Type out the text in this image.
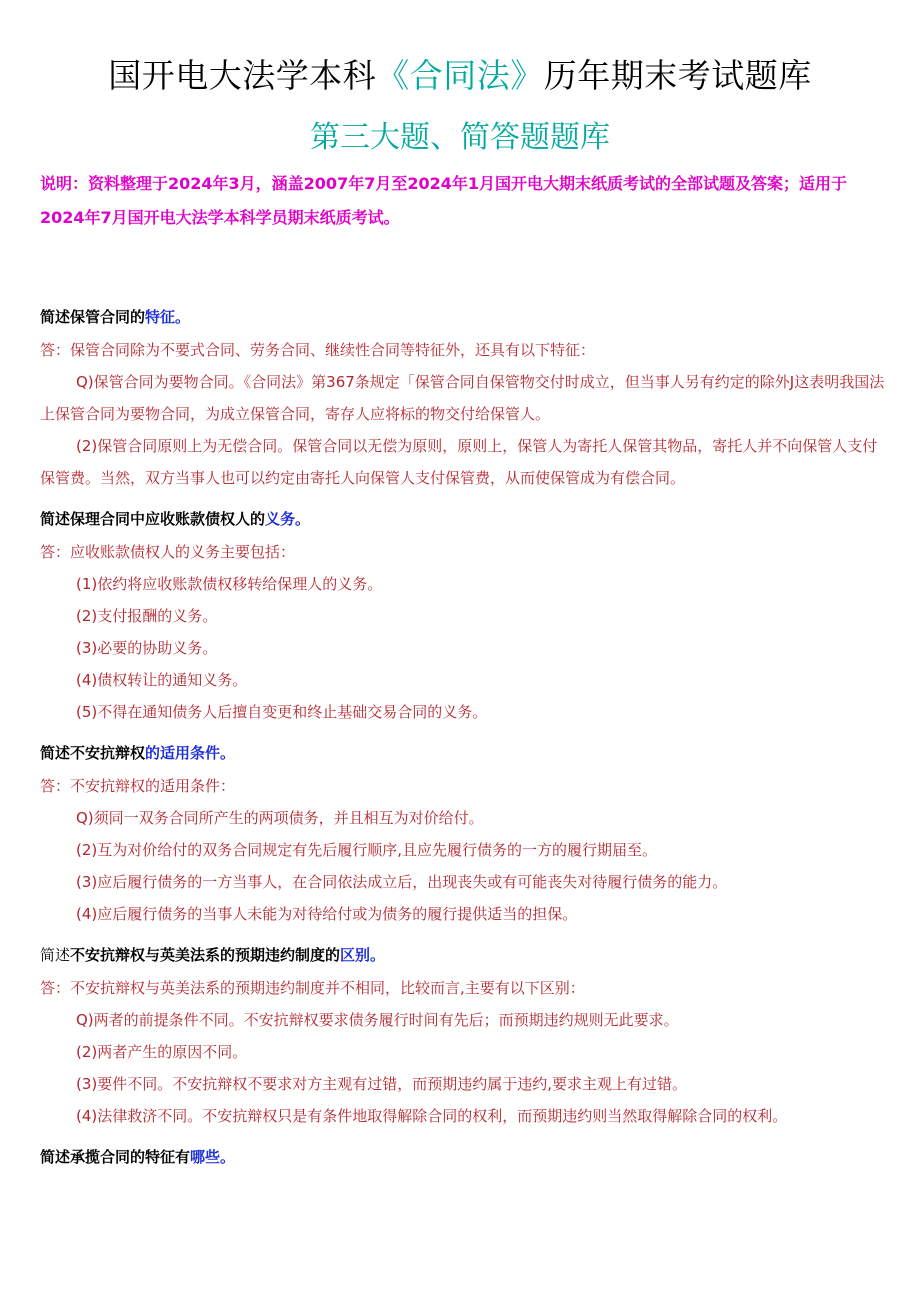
国开电大法学本科《合同法》历年期末考试题库
第三大题、简答题题库
说明：资料整理于2024年3月，涵盖2007年7月至2024年1月国开电大期末纸质考试的全部试题及答案；适用于2024年7月国开电大法学本科学员期末纸质考试。
简述保管合同的特征。
答：保管合同除为不要式合同、劳务合同、继续性合同等特征外，还具有以下特征：
Q)保管合同为要物合同。《合同法》第367条规定「保管合同自保管物交付时成立，但当事人另有约定的除外J这表明我国法上保管合同为要物合同，为成立保管合同，寄存人应将标的物交付给保管人。
(2)保管合同原则上为无偿合同。保管合同以无偿为原则，原则上，保管人为寄托人保管其物品，寄托人并不向保管人支付保管费。当然，双方当事人也可以约定由寄托人向保管人支付保管费，从而使保管成为有偿合同。
简述保理合同中应收账款债权人的义务。
答：应收账款债权人的义务主要包括：
(1)依约将应收账款债权移转给保理人的义务。
(2)支付报酬的义务。
(3)必要的协助义务。
(4)债权转让的通知义务。
(5)不得在通知债务人后擅自变更和终止基础交易合同的义务。
简述不安抗辩权的适用条件。
答：不安抗辩权的适用条件：
Q)须同一双务合同所产生的两项债务，并且相互为对价给付。
(2)互为对价给付的双务合同规定有先后履行顺序,且应先履行债务的一方的履行期届至。
(3)应后履行债务的一方当事人，在合同依法成立后，出现丧失或有可能丧失对待履行债务的能力。
(4)应后履行债务的当事人未能为对待给付或为债务的履行提供适当的担保。
简述不安抗辩权与英美法系的预期违约制度的区别。
答：不安抗辩权与英美法系的预期违约制度并不相同，比较而言,主要有以下区别：
Q)两者的前提条件不同。不安抗辩权要求债务履行时间有先后；而预期违约规则无此要求。
(2)两者产生的原因不同。
(3)要件不同。不安抗辩权不要求对方主观有过错，而预期违约属于违约,要求主观上有过错。
(4)法律救济不同。不安抗辩权只是有条件地取得解除合同的权利，而预期违约则当然取得解除合同的权利。
简述承揽合同的特征有哪些。
